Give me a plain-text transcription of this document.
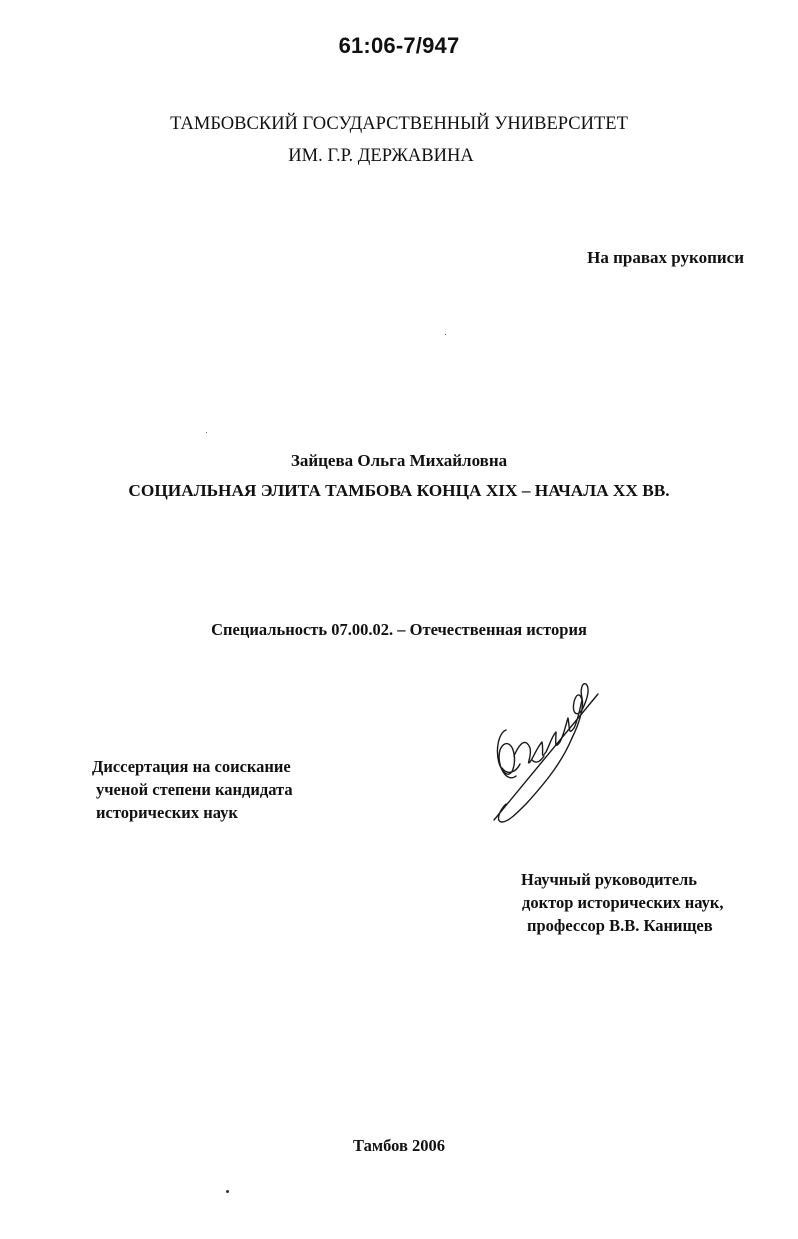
61:06-7/947
ТАМБОВСКИЙ ГОСУДАРСТВЕННЫЙ УНИВЕРСИТЕТ
ИМ. Г.Р. ДЕРЖАВИНА
На правах рукописи
Зайцева Ольга Михайловна
СОЦИАЛЬНАЯ ЭЛИТА ТАМБОВА КОНЦА XIX – НАЧАЛА XX ВВ.
Специальность 07.00.02. – Отечественная история
Диссертация на соискание
ученой степени кандидата
исторических наук
Научный руководитель
доктор исторических наук,
профессор В.В. Канищев
Тамбов 2006
